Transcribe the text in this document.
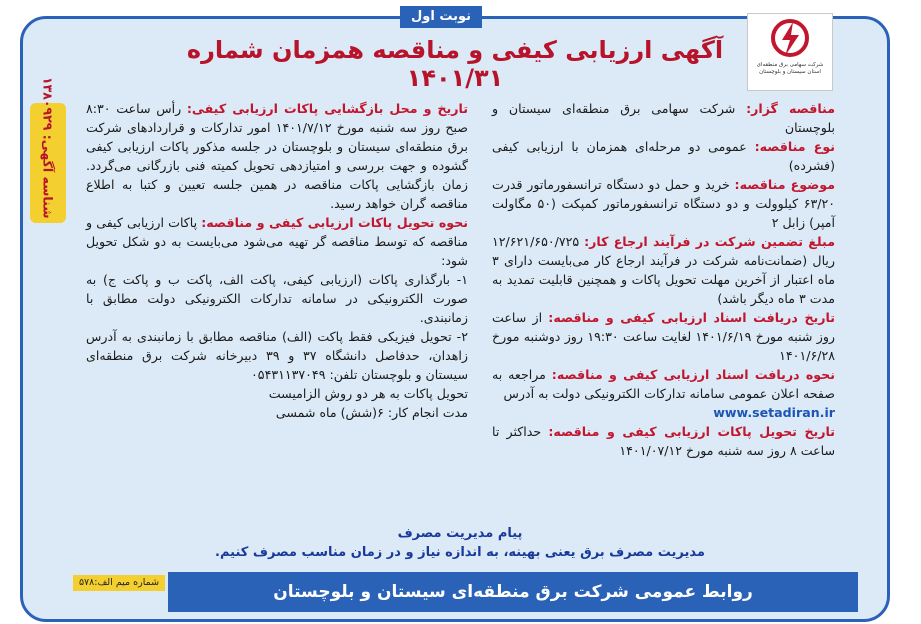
نوبت اول
شرکت سهامی برق منطقه‌ای استان سیستان و بلوچستان
آگهی ارزیابی کیفی و مناقصه همزمان شماره ۱۴۰۱/۳۱
شناسه آگهی: ۱۳۸۰۹۲۹
مناقصه گزار: شرکت سهامی برق منطقه‌ای سیستان و بلوچستان
نوع مناقصه: عمومی دو مرحله‌ای همزمان با ارزیابی کیفی (فشرده)
موضوع مناقصه: خرید و حمل دو دستگاه ترانسفورماتور قدرت ۶۳/۲۰ کیلوولت و دو دستگاه ترانسفورماتور کمپکت (۵۰ مگاولت آمپر) زابل ۲
مبلغ تضمین شرکت در فرآیند ارجاع کار: ۱۲/۶۲۱/۶۵۰/۷۲۵ ریال (ضمانت‌نامه شرکت در فرآیند ارجاع کار می‌بایست دارای ۳ ماه اعتبار از آخرین مهلت تحویل پاکات و همچنین قابلیت تمدید به مدت ۳ ماه دیگر باشد)
تاریخ دریافت اسناد ارزیابی کیفی و مناقصه: از ساعت روز شنبه مورخ ۱۴۰۱/۶/۱۹ لغایت ساعت ۱۹:۳۰ روز دوشنبه مورخ ۱۴۰۱/۶/۲۸
نحوه دریافت اسناد ارزیابی کیفی و مناقصه: مراجعه به صفحه اعلان عمومی سامانه تدارکات الکترونیکی دولت به آدرس
www.setadiran.ir
تاریخ تحویل پاکات ارزیابی کیفی و مناقصه: حداکثر تا ساعت ۸ روز سه شنبه مورخ ۱۴۰۱/۰۷/۱۲
تاریخ و محل بازگشایی پاکات ارزیابی کیفی: رأس ساعت ۸:۳۰ صبح روز سه شنبه مورخ ۱۴۰۱/۷/۱۲ امور تدارکات و قراردادهای شرکت برق منطقه‌ای سیستان و بلوچستان در جلسه مذکور پاکات ارزیابی کیفی گشوده و جهت بررسی و امتیازدهی تحویل کمیته فنی بازرگانی می‌گردد. زمان بازگشایی پاکات مناقصه در همین جلسه تعیین و کتبا به اطلاع مناقصه گران خواهد رسید.
نحوه تحویل پاکات ارزیابی کیفی و مناقصه: پاکات ارزیابی کیفی و مناقصه که توسط مناقصه گر تهیه می‌شود می‌بایست به دو شکل تحویل شود:
۱- بارگذاری پاکات (ارزیابی کیفی، پاکت الف، پاکت ب و پاکت ج) به صورت الکترونیکی در سامانه تدارکات الکترونیکی دولت مطابق با زمانبندی.
۲- تحویل فیزیکی فقط پاکت (الف) مناقصه مطابق با زمانبندی به آدرس زاهدان، حدفاصل دانشگاه ۳۷ و ۳۹ دبیرخانه شرکت برق منطقه‌ای سیستان و بلوچستان تلفن: ۰۵۴۳۱۱۳۷۰۴۹
تحویل پاکات به هر دو روش الزامیست
مدت انجام کار: ۶(شش) ماه شمسی
پیام مدیریت مصرف
مدیریت مصرف برق یعنی بهینه، به اندازه نیاز و در زمان مناسب مصرف کنیم.
روابط عمومی شرکت برق منطقه‌ای سیستان و بلوچستان
شماره میم الف:۵۷۸
